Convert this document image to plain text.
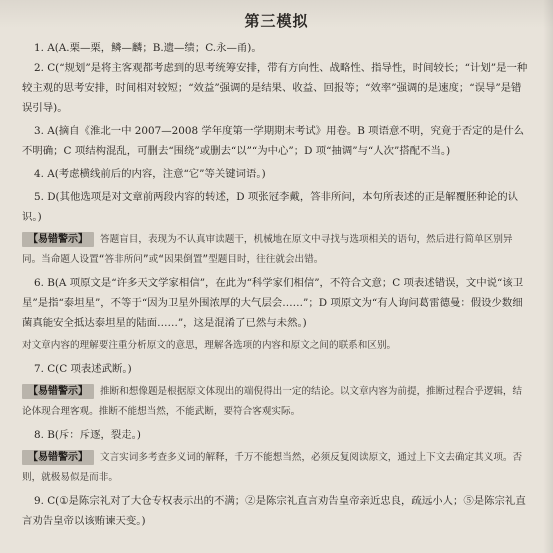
第三模拟

1. A(A.栗—栗，鳞—麟；B.遗—绩；C.永—甬)。

2. C(“规划”是将主客观都考虑到的思考统筹安排，带有方向性、战略性、指导性，时间较长；“计划”是一种较主观的思考安排，时间相对较短；“效益”强调的是结果、收益、回报等；“效率”强调的是速度；“误导”是错误引导)。

3. A(摘自《淮北一中 2007—2008 学年度第一学期期末考试》用卷。B 项语意不明，究竟于否定的是什么不明确；C 项结构混乱，可删去“围绕”或删去“以”“为中心”；D 项“抽调”与“人次”搭配不当。)

4. A(考虑横线前后的内容，注意“它”等关键词语。)

5. D(其他选项是对文章前两段内容的转述，D 项张冠李戴，答非所问，本句所表述的正是解覆胚种论的认识。)

【易错警示】 答题盲目，表现为不认真审读题干，机械地在原文中寻找与选项相关的语句，然后进行简单区别异同。当命题人设置“答非所问”或“因果倒置”型题目时，往往就会出错。

6. B(A 项原文是“许多天文学家相信”，在此为“科学家们相信”，不符合文意；C 项表述错误，文中说“该卫星”是指“泰坦星”，不等于“因为卫星外围浓厚的大气层会……”；D 项原文为“有人询问葛雷德曼：假设少数细菌真能安全抵达泰坦星的陆面……”，这是混淆了已然与未然。)

对文章内容的理解要注重分析原文的意思，理解各选项的内容和原文之间的联系和区别。

7. C(C 项表述武断。)

【易错警示】 推断和想像题是根据原文体现出的端倪得出一定的结论。以文章内容为前提，推断过程合乎逻辑，结论体现合理客观。推断不能想当然，不能武断，要符合客观实际。

8. B(斥：斥逐，裂走。)

【易错警示】 文言实词多考查多义词的解释，千万不能想当然，必须反复阅读原文，通过上下文去确定其义项。否则，就极易似是而非。

9. C(①是陈宗礼对了大仓专权表示出的不满；②是陈宗礼直言劝告皇帝亲近忠良，疏远小人；⑤是陈宗礼直言劝告皇帝以该贿谏天变。)
